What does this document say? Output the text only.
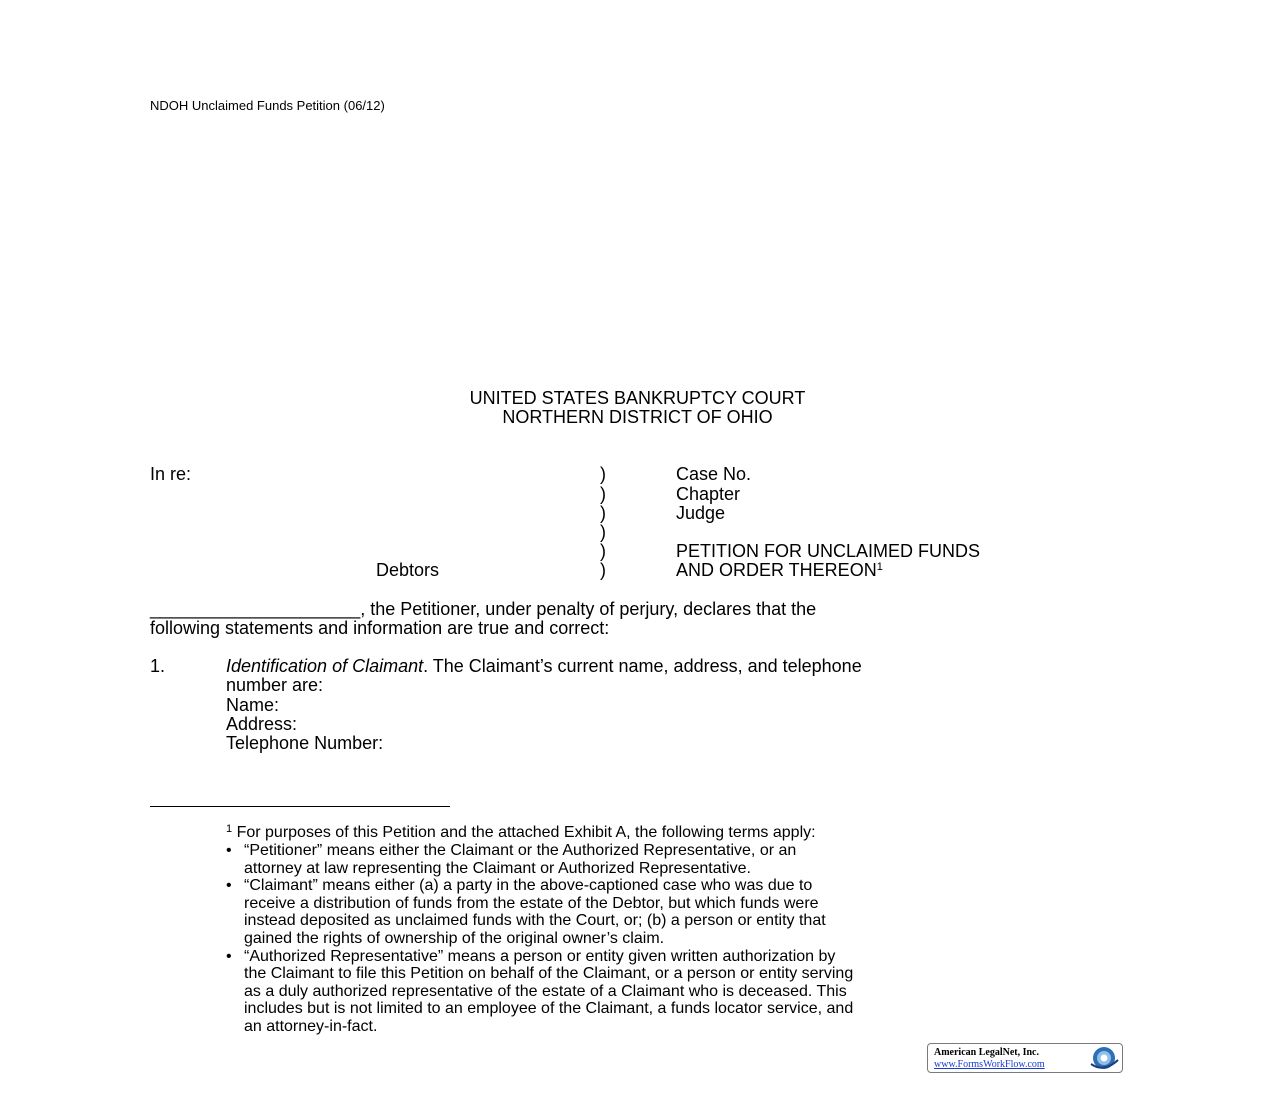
NDOH Unclaimed Funds Petition (06/12)
UNITED STATES BANKRUPTCY COURT
NORTHERN DISTRICT OF OHIO
In re:
Debtors
)
)
)
)
)
)
Case No.
Chapter
Judge
PETITION FOR UNCLAIMED FUNDS
AND ORDER THEREON$^1$
_____________________, the Petitioner, under penalty of perjury, declares that the
following statements and information are true and correct:
1.	Identification of Claimant. The Claimant’s current name, address, and telephone
number are:
Name:
Address:
Telephone Number:
$^1$ For purposes of this Petition and the attached Exhibit A, the following terms apply:
• “Petitioner” means either the Claimant or the Authorized Representative, or an
attorney at law representing the Claimant or Authorized Representative.
• “Claimant” means either (a) a party in the above-captioned case who was due to
receive a distribution of funds from the estate of the Debtor, but which funds were
instead deposited as unclaimed funds with the Court, or; (b) a person or entity that
gained the rights of ownership of the original owner’s claim.
• “Authorized Representative” means a person or entity given written authorization by
the Claimant to file this Petition on behalf of the Claimant, or a person or entity serving
as a duly authorized representative of the estate of a Claimant who is deceased. This
includes but is not limited to an employee of the Claimant, a funds locator service, and
an attorney-in-fact.
American LegalNet, Inc.
www.FormsWorkFlow.com
